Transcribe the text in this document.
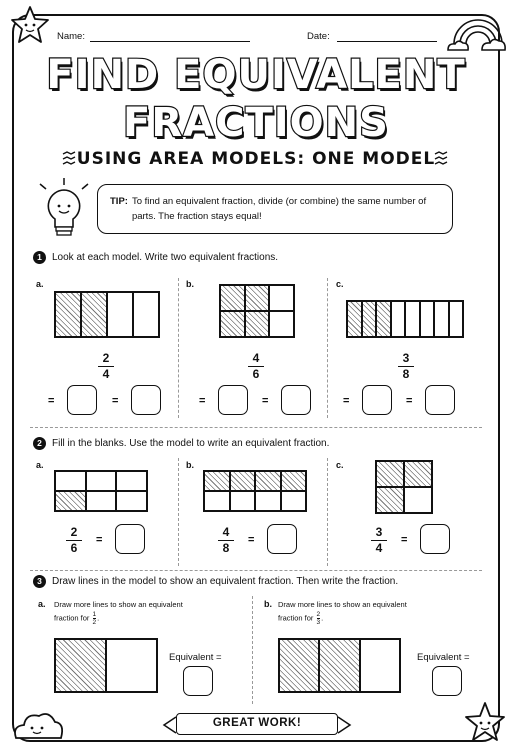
Name:	Date:
FIND EQUIVALENT
FRACTIONS
USING AREA MODELS: ONE MODEL
TIP: To find an equivalent fraction, divide (or combine) the same number of parts. The fraction stays equal!
1	Look at each model. Write two equivalent fractions.
a.
2
4
=	=
b.
4
6
=	=
c.
3
8
=	=
2	Fill in the blanks. Use the model to write an equivalent fraction.
a.
2
6
=
b.
4
8
=
c.
3
4
=
3	Draw lines in the model to show an equivalent fraction. Then write the fraction.
a. Draw more lines to show an equivalent
fraction for $\frac{1}{2}$.
Equivalent =
b. Draw more lines to show an equivalent
fraction for $\frac{2}{3}$.
Equivalent =
GREAT WORK!
